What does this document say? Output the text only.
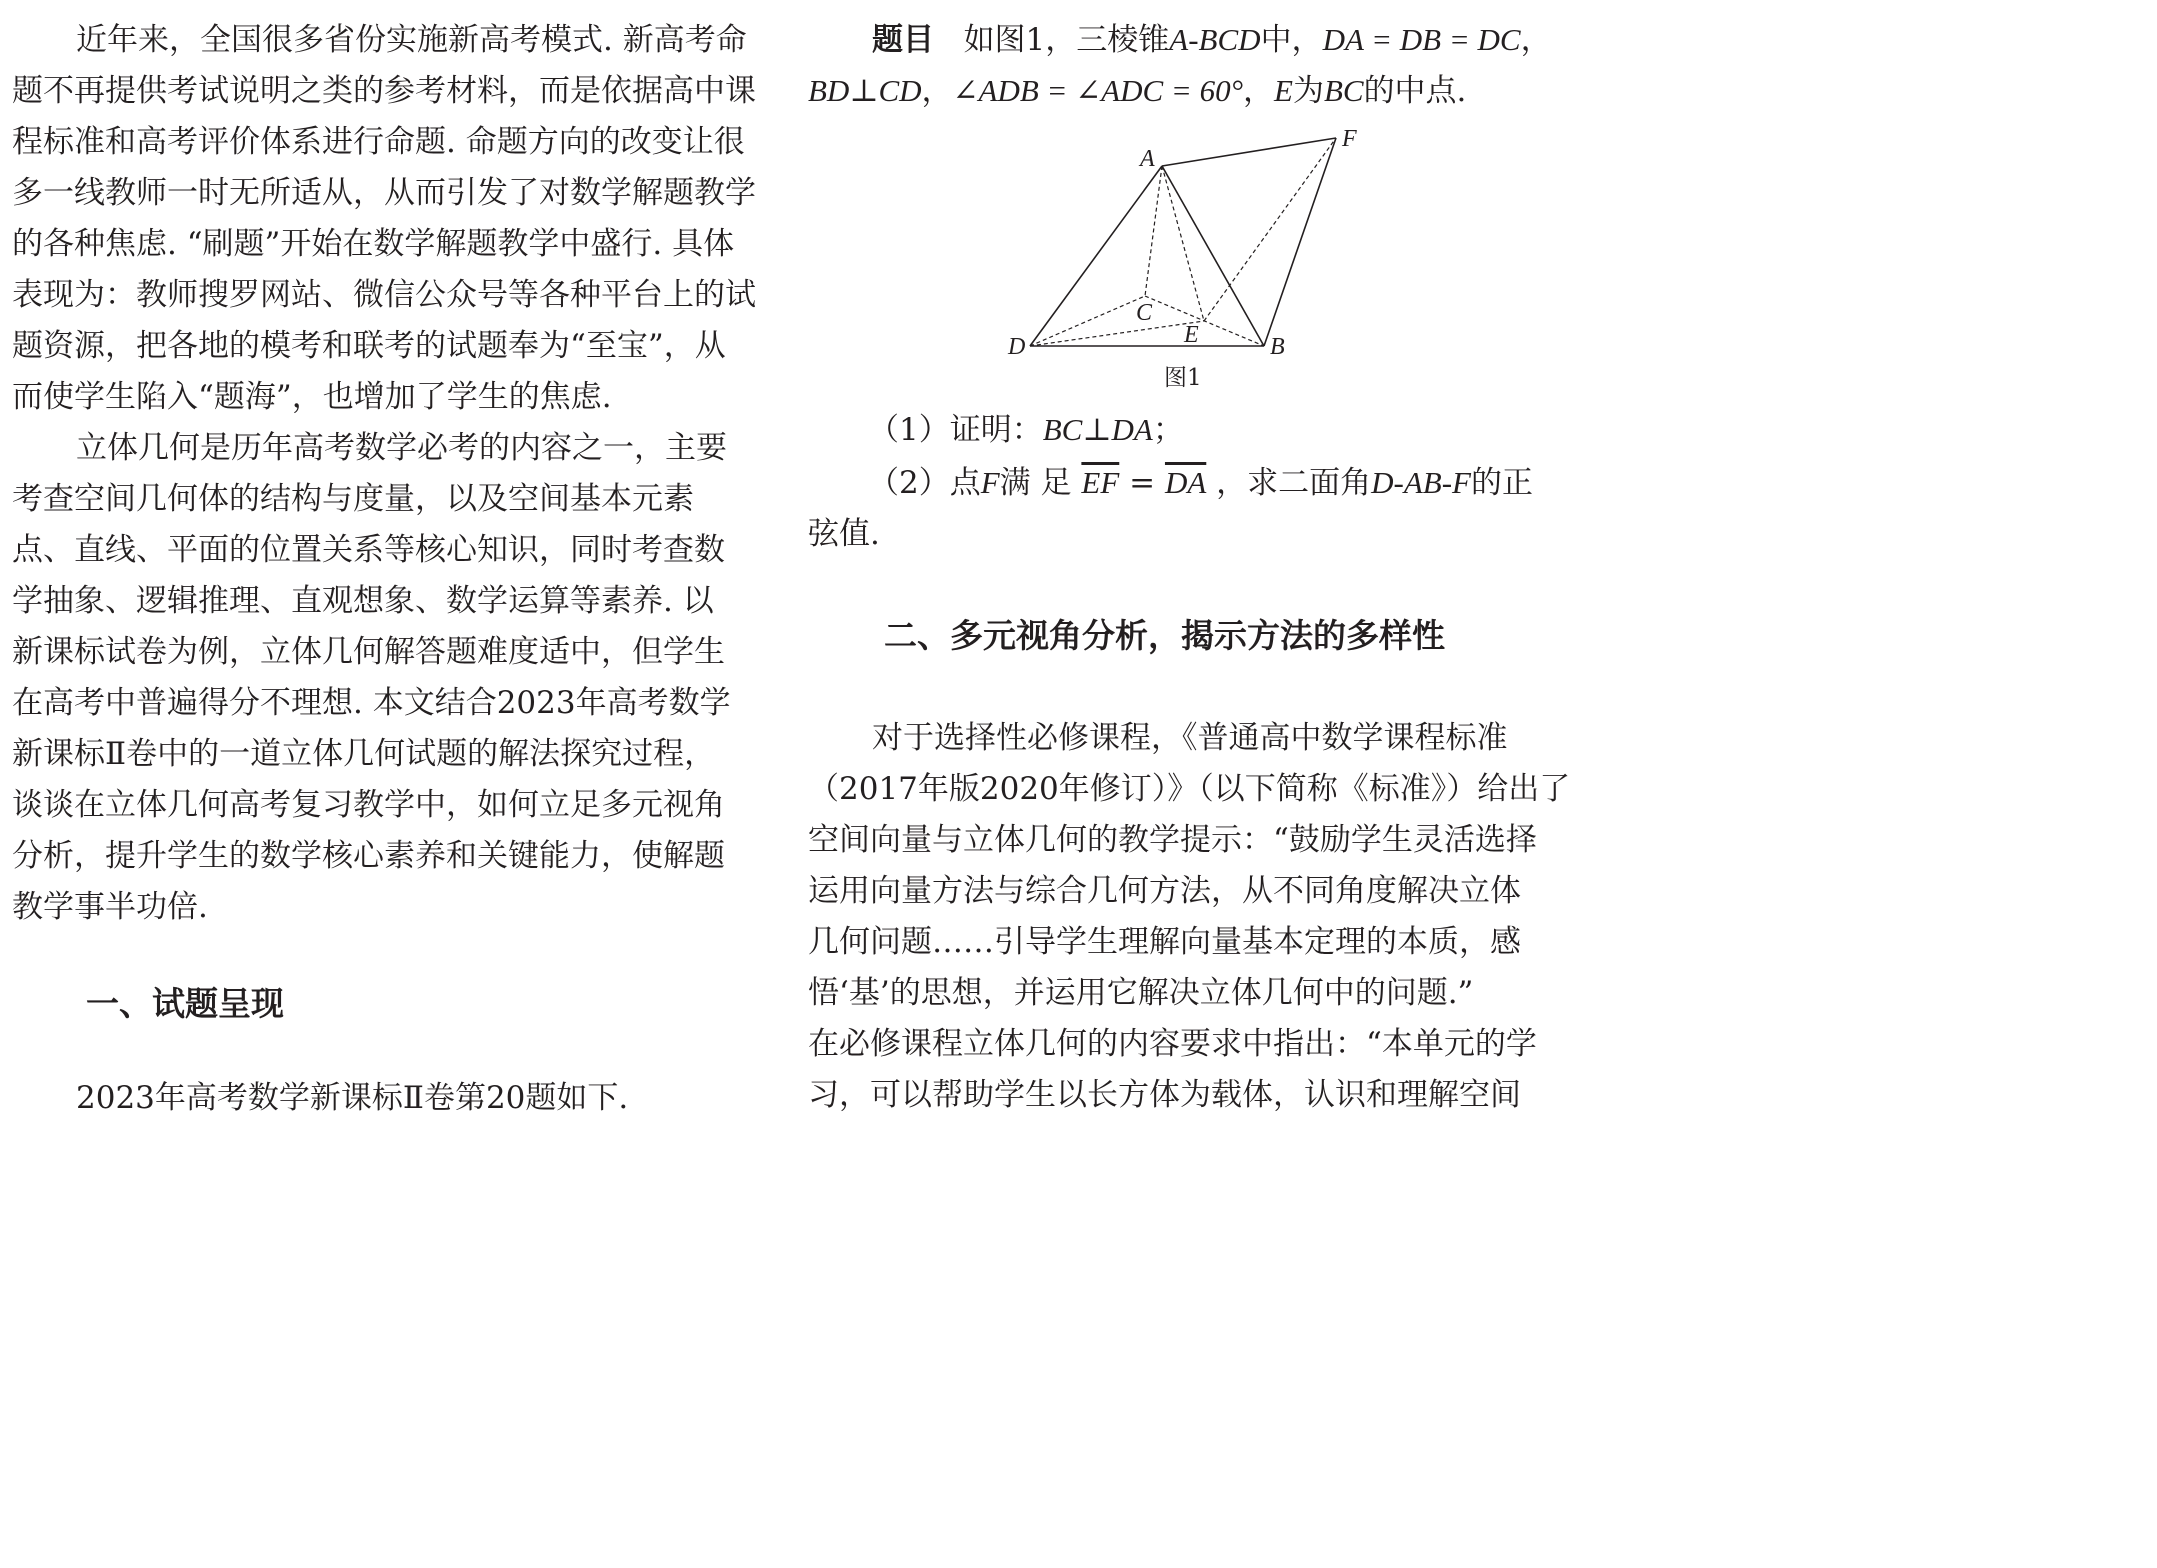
近年来，全国很多省份实施新高考模式. 新高考命
题不再提供考试说明之类的参考材料，而是依据高中课
程标准和高考评价体系进行命题. 命题方向的改变让很
多一线教师一时无所适从，从而引发了对数学解题教学
的各种焦虑. “刷题”开始在数学解题教学中盛行. 具体
表现为：教师搜罗网站、微信公众号等各种平台上的试
题资源，把各地的模考和联考的试题奉为“至宝”，从
而使学生陷入“题海”，也增加了学生的焦虑.
立体几何是历年高考数学必考的内容之一，主要
考查空间几何体的结构与度量，以及空间基本元素
点、直线、平面的位置关系等核心知识，同时考查数
学抽象、逻辑推理、直观想象、数学运算等素养. 以
新课标试卷为例，立体几何解答题难度适中，但学生
在高考中普遍得分不理想. 本文结合2023年高考数学
新课标Ⅱ卷中的一道立体几何试题的解法探究过程，
谈谈在立体几何高考复习教学中，如何立足多元视角
分析，提升学生的数学核心素养和关键能力，使解题
教学事半功倍.
一、试题呈现
2023年高考数学新课标Ⅱ卷第20题如下.
题目 如图1，三棱锥A-BCD中，DA = DB = DC，
BD⊥CD，∠ADB = ∠ADC = 60°，E为BC的中点.
A
F
C
E
D	B
图1
（1）证明：BC⊥DA；
（2）点F满 足 $\overline{EF} = \overline{DA}$ ，求二面角D-AB-F的正
弦值.
二、多元视角分析，揭示方法的多样性
对于选择性必修课程，《普通高中数学课程标准
（2017年版2020年修订）》（以下简称《标准》）给出了
空间向量与立体几何的教学提示：“鼓励学生灵活选择
运用向量方法与综合几何方法，从不同角度解决立体
几何问题……引导学生理解向量基本定理的本质，感
悟‘基’的思想，并运用它解决立体几何中的问题.”
在必修课程立体几何的内容要求中指出：“本单元的学
习，可以帮助学生以长方体为载体，认识和理解空间
